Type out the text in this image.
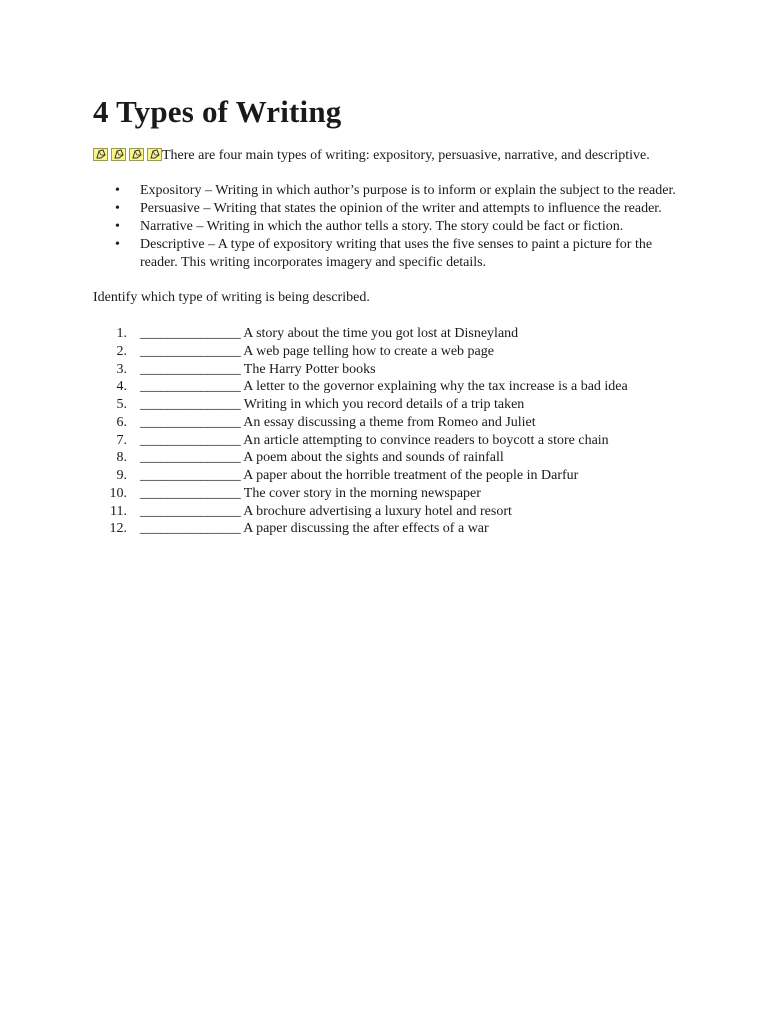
4 Types of Writing

There are four main types of writing: expository, persuasive, narrative, and descriptive.

• Expository – Writing in which author’s purpose is to inform or explain the subject to the reader.
• Persuasive – Writing that states the opinion of the writer and attempts to influence the reader.
• Narrative – Writing in which the author tells a story. The story could be fact or fiction.
• Descriptive – A type of expository writing that uses the five senses to paint a picture for the reader. This writing incorporates imagery and specific details.

Identify which type of writing is being described.

1. _______________ A story about the time you got lost at Disneyland
2. _______________ A web page telling how to create a web page
3. _______________ The Harry Potter books
4. _______________ A letter to the governor explaining why the tax increase is a bad idea
5. _______________ Writing in which you record details of a trip taken
6. _______________ An essay discussing a theme from Romeo and Juliet
7. _______________ An article attempting to convince readers to boycott a store chain
8. _______________ A poem about the sights and sounds of rainfall
9. _______________ A paper about the horrible treatment of the people in Darfur
10. _______________ The cover story in the morning newspaper
11. _______________ A brochure advertising a luxury hotel and resort
12. _______________ A paper discussing the after effects of a war
